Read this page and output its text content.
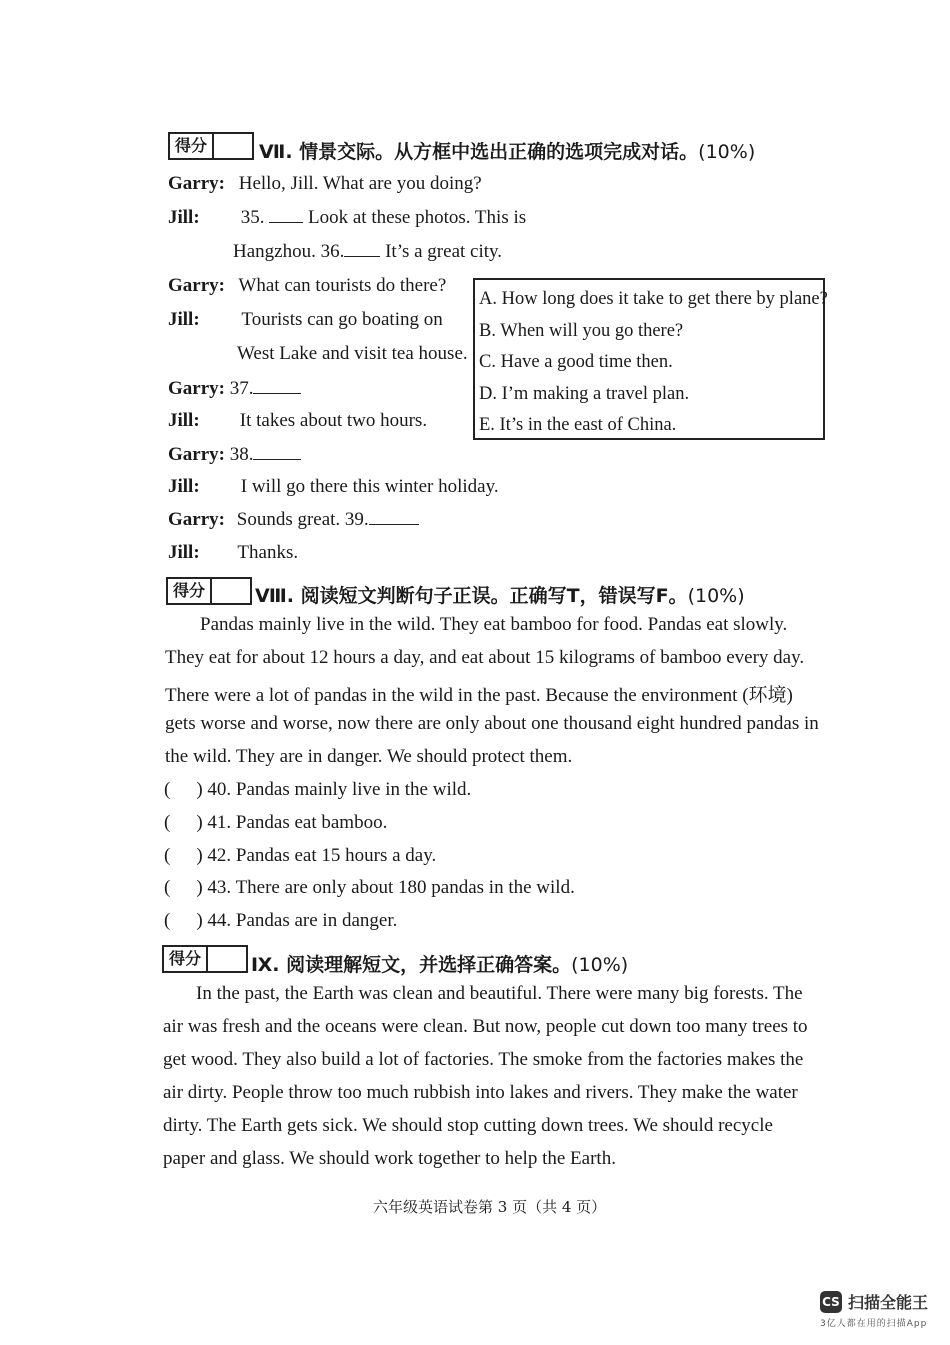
得分	Ⅶ. 情景交际。从方框中选出正确的选项完成对话。(10%)
Garry: Hello, Jill. What are you doing?
Jill: 35. Look at these photos. This is
Hangzhou. 36. It’s a great city.
Garry: What can tourists do there?
Jill: Tourists can go boating on
West Lake and visit tea house.
Garry: 37.
Jill: It takes about two hours.
Garry: 38.
Jill: I will go there this winter holiday.
Garry: Sounds great. 39.
Jill: Thanks.
A. How long does it take to get there by plane?
B. When will you go there?
C. Have a good time then.
D. I’m making a travel plan.
E. It’s in the east of China.
得分	Ⅷ. 阅读短文判断句子正误。正确写T，错误写F。(10%)
Pandas mainly live in the wild. They eat bamboo for food. Pandas eat slowly.
They eat for about 12 hours a day, and eat about 15 kilograms of bamboo every day.
There were a lot of pandas in the wild in the past. Because the environment (环境)
gets worse and worse, now there are only about one thousand eight hundred pandas in
the wild. They are in danger. We should protect them.
( ) 40. Pandas mainly live in the wild.
( ) 41. Pandas eat bamboo.
( ) 42. Pandas eat 15 hours a day.
( ) 43. There are only about 180 pandas in the wild.
( ) 44. Pandas are in danger.
得分	Ⅸ. 阅读理解短文，并选择正确答案。(10%)
In the past, the Earth was clean and beautiful. There were many big forests. The
air was fresh and the oceans were clean. But now, people cut down too many trees to
get wood. They also build a lot of factories. The smoke from the factories makes the
air dirty. People throw too much rubbish into lakes and rivers. They make the water
dirty. The Earth gets sick. We should stop cutting down trees. We should recycle
paper and glass. We should work together to help the Earth.
六年级英语试卷第 3 页（共 4 页）
CS 扫描全能王
3亿人都在用的扫描App
